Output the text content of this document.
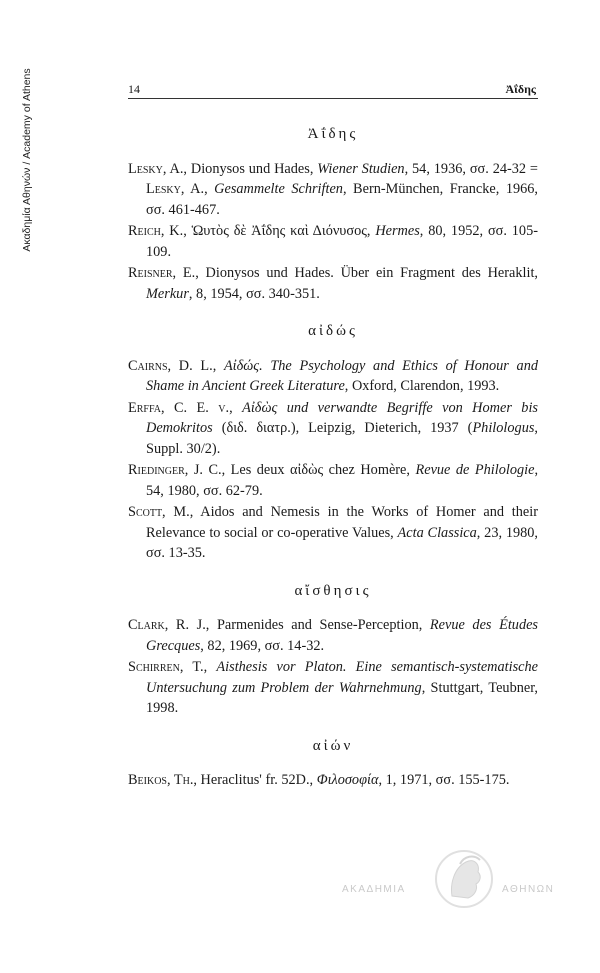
Ακαδημία Αθηνών / Academy of Athens	14	Ἀΐδης
Ἀΐδης

Lesky, A., Dionysos und Hades, Wiener Studien, 54, 1936, σσ. 24-32 = Lesky, A., Gesammelte Schriften, Bern-München, Francke, 1966, σσ. 461-467.

Reich, K., Ὡυτὸς δὲ Ἀΐδης καὶ Διόνυσος, Hermes, 80, 1952, σσ. 105-109.

Reisner, E., Dionysos und Hades. Über ein Fragment des Heraklit, Merkur, 8, 1954, σσ. 340-351.

αἰδώς

Cairns, D. L., Αἰδώς. The Psychology and Ethics of Honour and Shame in Ancient Greek Literature, Oxford, Clarendon, 1993.

Erffa, C. E. v., Αἰδὼς und verwandte Begriffe von Homer bis Demokritos (διδ. διατρ.), Leipzig, Dieterich, 1937 (Philologus, Suppl. 30/2).

Riedinger, J. C., Les deux αἰδὼς chez Homère, Revue de Philologie, 54, 1980, σσ. 62-79.

Scott, M., Aidos and Nemesis in the Works of Homer and their Relevance to social or co-operative Values, Acta Classica, 23, 1980, σσ. 13-35.

αἴσθησις

Clark, R. J., Parmenides and Sense-Perception, Revue des Études Grecques, 82, 1969, σσ. 14-32.

Schirren, T., Aisthesis vor Platon. Eine semantisch-systematische Untersuchung zum Problem der Wahrnehmung, Stuttgart, Teubner, 1998.

αἰών

Beikos, Th., Heraclitus' fr. 52D., Φιλοσοφία, 1, 1971, σσ. 155-175.

ΑΚΑΔΗΜΙΑ	ΑΘΗΝΩΝ
